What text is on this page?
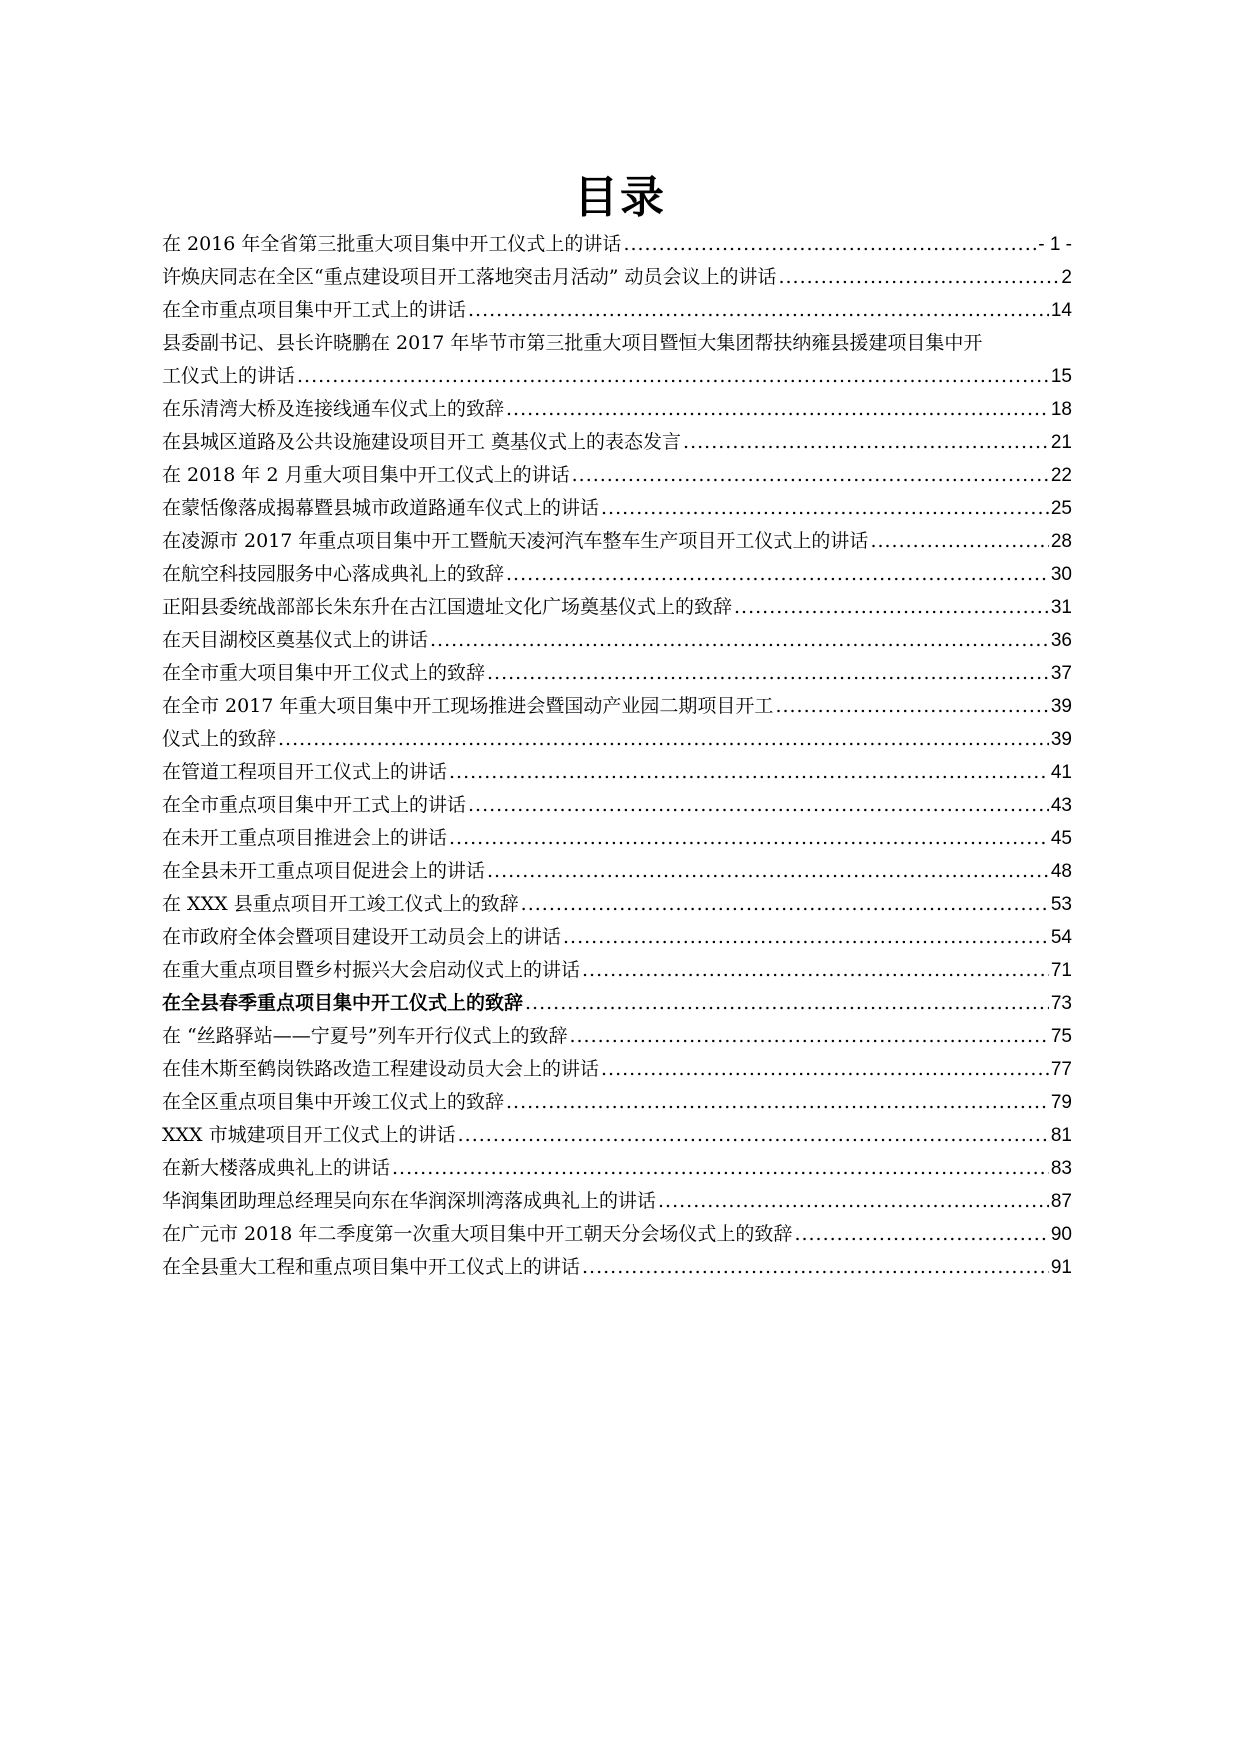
目录
在 2016 年全省第三批重大项目集中开工仪式上的讲话 .....	- 1 -
许焕庆同志在全区“重点建设项目开工落地突击月活动” 动员会议上的讲话 .....	2
在全市重点项目集中开工式上的讲话 .....	14
县委副书记、县长许晓鹏在 2017 年毕节市第三批重大项目暨恒大集团帮扶纳雍县援建项目集中开
工仪式上的讲话 .....	15
在乐清湾大桥及连接线通车仪式上的致辞 .....	18
在县城区道路及公共设施建设项目开工 奠基仪式上的表态发言 .....	21
在 2018 年 2 月重大项目集中开工仪式上的讲话 .....	22
在蒙恬像落成揭幕暨县城市政道路通车仪式上的讲话 .....	25
在凌源市 2017 年重点项目集中开工暨航天凌河汽车整车生产项目开工仪式上的讲话 .....	28
在航空科技园服务中心落成典礼上的致辞 .....	30
正阳县委统战部部长朱东升在古江国遗址文化广场奠基仪式上的致辞 .....	31
在天目湖校区奠基仪式上的讲话 .....	36
在全市重大项目集中开工仪式上的致辞 .....	37
在全市 2017 年重大项目集中开工现场推进会暨国动产业园二期项目开工 .....	39
仪式上的致辞 .....	39
在管道工程项目开工仪式上的讲话 .....	41
在全市重点项目集中开工式上的讲话 .....	43
在未开工重点项目推进会上的讲话 .....	45
在全县未开工重点项目促进会上的讲话 .....	48
在 XXX 县重点项目开工竣工仪式上的致辞 .....	53
在市政府全体会暨项目建设开工动员会上的讲话 .....	54
在重大重点项目暨乡村振兴大会启动仪式上的讲话 .....	71
在全县春季重点项目集中开工仪式上的致辞 .....	73
在 “丝路驿站——宁夏号”列车开行仪式上的致辞 .....	75
在佳木斯至鹤岗铁路改造工程建设动员大会上的讲话 .....	77
在全区重点项目集中开竣工仪式上的致辞 .....	79
XXX 市城建项目开工仪式上的讲话 .....	81
在新大楼落成典礼上的讲话 .....	83
华润集团助理总经理吴向东在华润深圳湾落成典礼上的讲话 .....	87
在广元市 2018 年二季度第一次重大项目集中开工朝天分会场仪式上的致辞 .....	90
在全县重大工程和重点项目集中开工仪式上的讲话 .....	91
